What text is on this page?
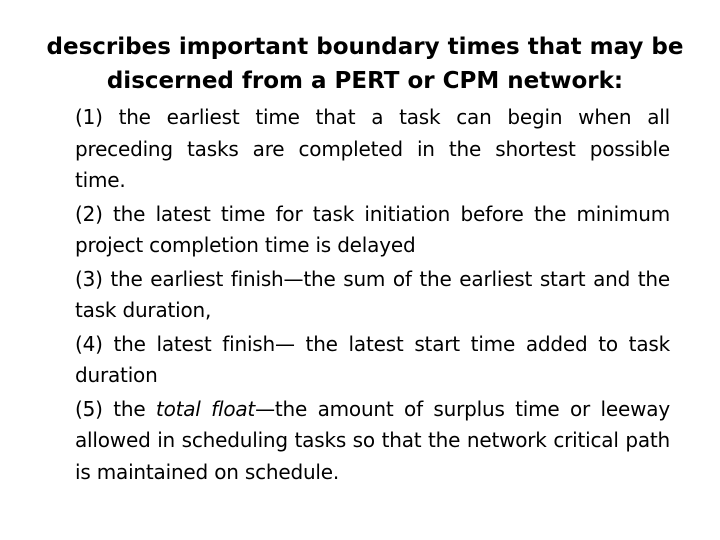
describes important boundary times that may be discerned from a PERT or CPM network:
(1) the earliest time that a task can begin when all preceding tasks are completed in the shortest possible time.
(2) the latest time for task initiation before the minimum project completion time is delayed
(3) the earliest finish—the sum of the earliest start and the task duration,
(4) the latest finish— the latest start time added to task duration
(5) the total float—the amount of surplus time or leeway allowed in scheduling tasks so that the network critical path is maintained on schedule.
